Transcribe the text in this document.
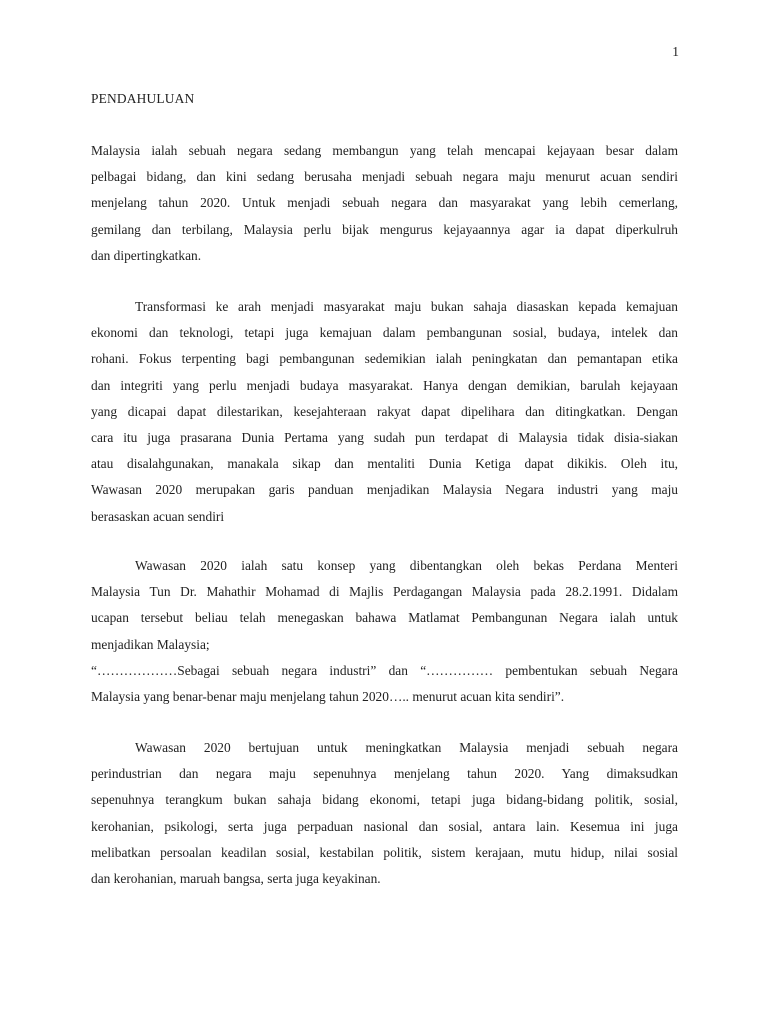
1
PENDAHULUAN
Malaysia ialah sebuah negara sedang membangun yang telah mencapai kejayaan besar dalam
pelbagai bidang, dan kini sedang berusaha menjadi sebuah negara maju menurut acuan sendiri
menjelang tahun 2020. Untuk menjadi sebuah negara dan masyarakat yang lebih cemerlang,
gemilang dan terbilang, Malaysia perlu bijak mengurus kejayaannya agar ia dapat diperkulruh
dan dipertingkatkan.
Transformasi ke arah menjadi masyarakat maju bukan sahaja diasaskan kepada kemajuan
ekonomi dan teknologi, tetapi juga kemajuan dalam pembangunan sosial, budaya, intelek dan
rohani. Fokus terpenting bagi pembangunan sedemikian ialah peningkatan dan pemantapan etika
dan integriti yang perlu menjadi budaya masyarakat. Hanya dengan demikian, barulah kejayaan
yang dicapai dapat dilestarikan, kesejahteraan rakyat dapat dipelihara dan ditingkatkan. Dengan
cara itu juga prasarana Dunia Pertama yang sudah pun terdapat di Malaysia tidak disia-siakan
atau disalahgunakan, manakala sikap dan mentaliti Dunia Ketiga dapat dikikis. Oleh itu,
Wawasan 2020 merupakan garis panduan menjadikan Malaysia Negara industri yang maju
berasaskan acuan sendiri
Wawasan 2020 ialah satu konsep yang dibentangkan oleh bekas Perdana Menteri
Malaysia Tun Dr. Mahathir Mohamad di Majlis Perdagangan Malaysia pada 28.2.1991. Didalam
ucapan tersebut beliau telah menegaskan bahawa Matlamat Pembangunan Negara ialah untuk
menjadikan Malaysia;
“………………Sebagai sebuah negara industri” dan “…………… pembentukan sebuah Negara
Malaysia yang benar-benar maju menjelang tahun 2020….. menurut acuan kita sendiri”.
Wawasan 2020 bertujuan untuk meningkatkan Malaysia menjadi sebuah negara
perindustrian dan negara maju sepenuhnya menjelang tahun 2020. Yang dimaksudkan
sepenuhnya terangkum bukan sahaja bidang ekonomi, tetapi juga bidang-bidang politik, sosial,
kerohanian, psikologi, serta juga perpaduan nasional dan sosial, antara lain. Kesemua ini juga
melibatkan persoalan keadilan sosial, kestabilan politik, sistem kerajaan, mutu hidup, nilai sosial
dan kerohanian, maruah bangsa, serta juga keyakinan.
